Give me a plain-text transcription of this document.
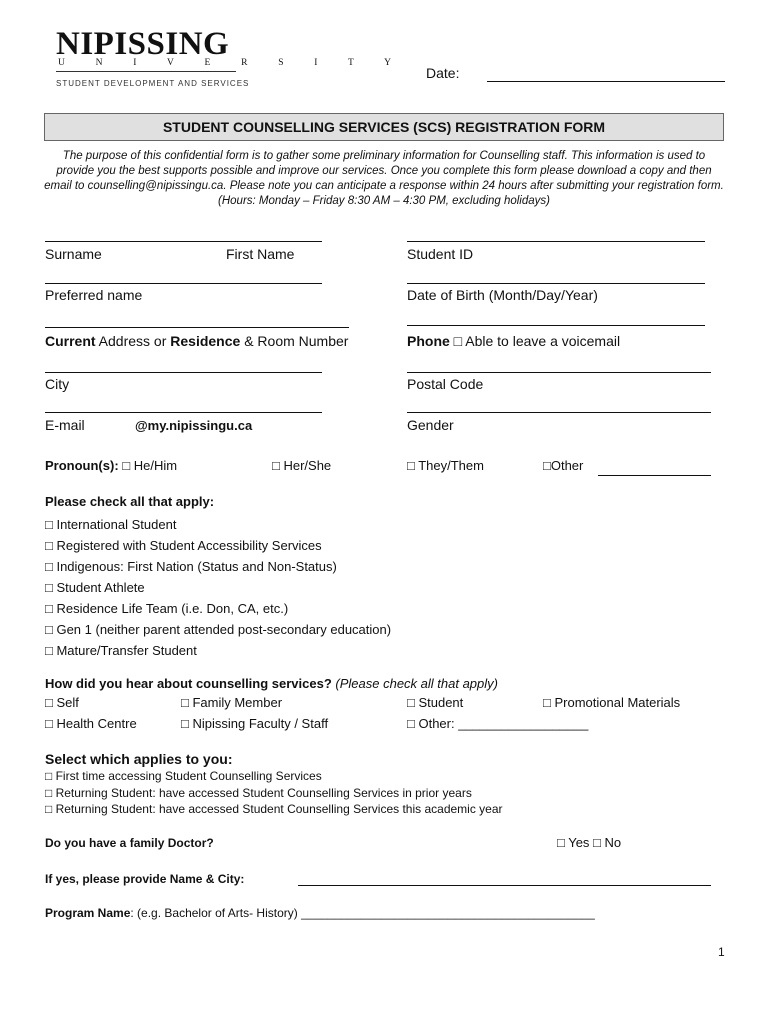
NIPISSING
U N I V E R S I T Y
STUDENT DEVELOPMENT AND SERVICES
Date:
STUDENT COUNSELLING SERVICES (SCS) REGISTRATION FORM
The purpose of this confidential form is to gather some preliminary information for Counselling staff. This information is used to provide you the best supports possible and improve our services. Once you complete this form please download a copy and then email to counselling@nipissingu.ca. Please note you can anticipate a response within 24 hours after submitting your registration form. (Hours: Monday – Friday 8:30 AM – 4:30 PM, excluding holidays)
Surname	First Name	Student ID
Preferred name	Date of Birth (Month/Day/Year)
Current Address or Residence & Room Number	Phone □ Able to leave a voicemail
City	Postal Code
E-mail	@my.nipissingu.ca	Gender
Pronoun(s): □ He/Him	□ Her/She	□ They/Them	□Other
Please check all that apply:
□ International Student
□ Registered with Student Accessibility Services
□ Indigenous: First Nation (Status and Non-Status)
□ Student Athlete
□ Residence Life Team (i.e. Don, CA, etc.)
□ Gen 1 (neither parent attended post-secondary education)
□ Mature/Transfer Student
How did you hear about counselling services? (Please check all that apply)
□ Self	□ Family Member	□ Student	□ Promotional Materials
□ Health Centre	□ Nipissing Faculty / Staff	□ Other: __________________
Select which applies to you:
□ First time accessing Student Counselling Services
□ Returning Student: have accessed Student Counselling Services in prior years
□ Returning Student: have accessed Student Counselling Services this academic year
Do you have a family Doctor?	□ Yes □ No
If yes, please provide Name & City:
Program Name: (e.g. Bachelor of Arts- History) ____________________________________________
1
